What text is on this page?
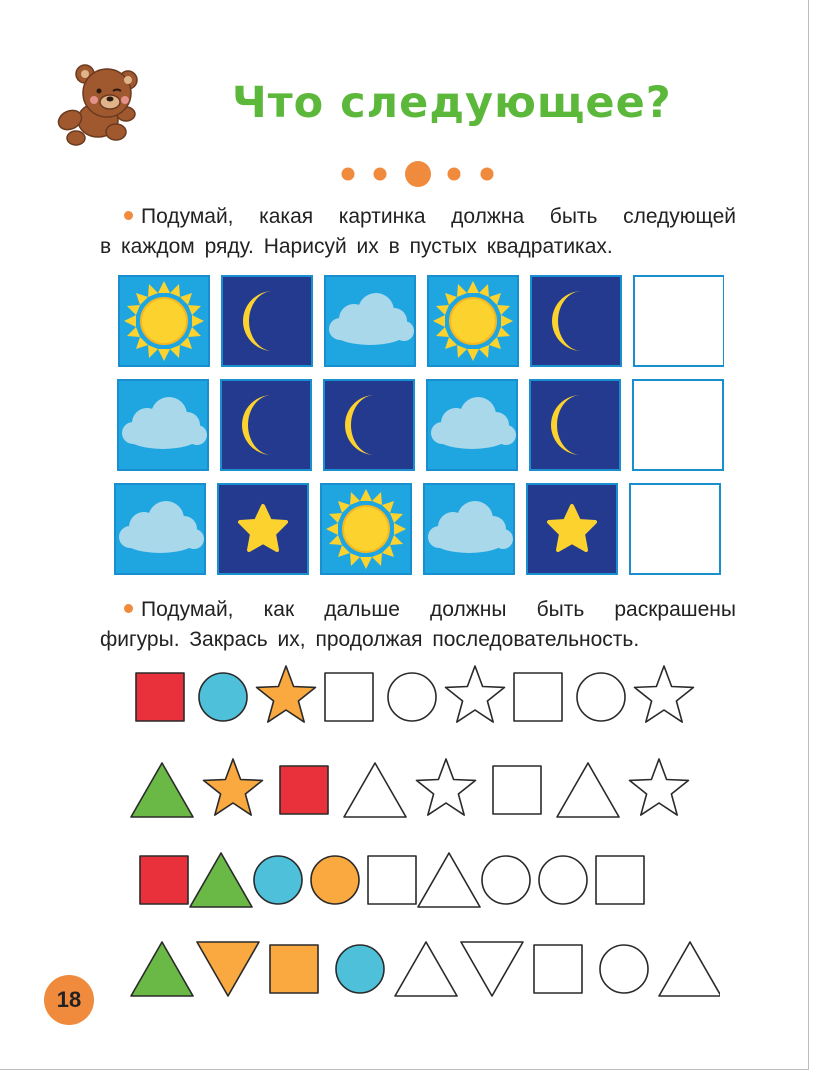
Что следующее?

Подумай, какая картинка должна быть следующей
в каждом ряду. Нарисуй их в пустых квадратиках.

Подумай, как дальше должны быть раскрашены
фигуры. Закрась их, продолжая последовательность.

18
